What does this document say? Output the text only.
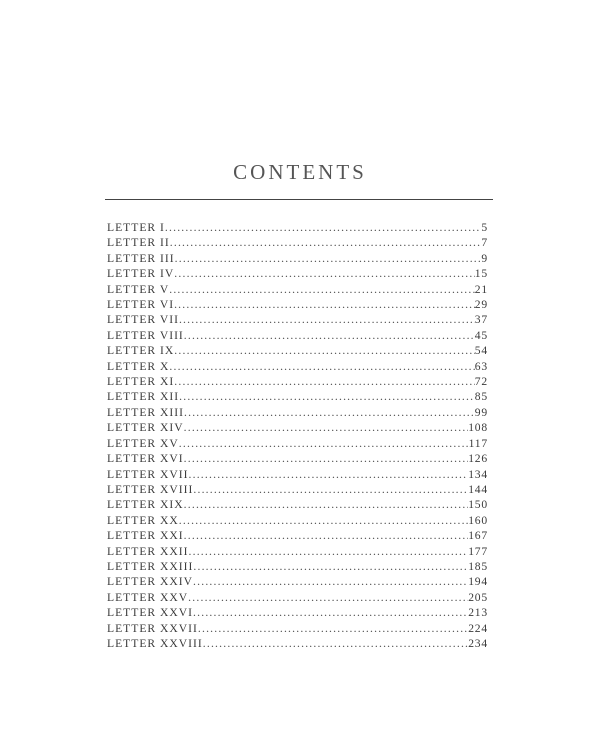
CONTENTS
LETTER I .....	5
LETTER II .....	7
LETTER III .....	9
LETTER IV .....	15
LETTER V .....	21
LETTER VI .....	29
LETTER VII .....	37
LETTER VIII .....	45
LETTER IX .....	54
LETTER X .....	63
LETTER XI .....	72
LETTER XII .....	85
LETTER XIII .....	99
LETTER XIV .....	108
LETTER XV .....	117
LETTER XVI .....	126
LETTER XVII .....	134
LETTER XVIII .....	144
LETTER XIX .....	150
LETTER XX .....	160
LETTER XXI .....	167
LETTER XXII .....	177
LETTER XXIII .....	185
LETTER XXIV .....	194
LETTER XXV .....	205
LETTER XXVI .....	213
LETTER XXVII .....	224
LETTER XXVIII .....	234
